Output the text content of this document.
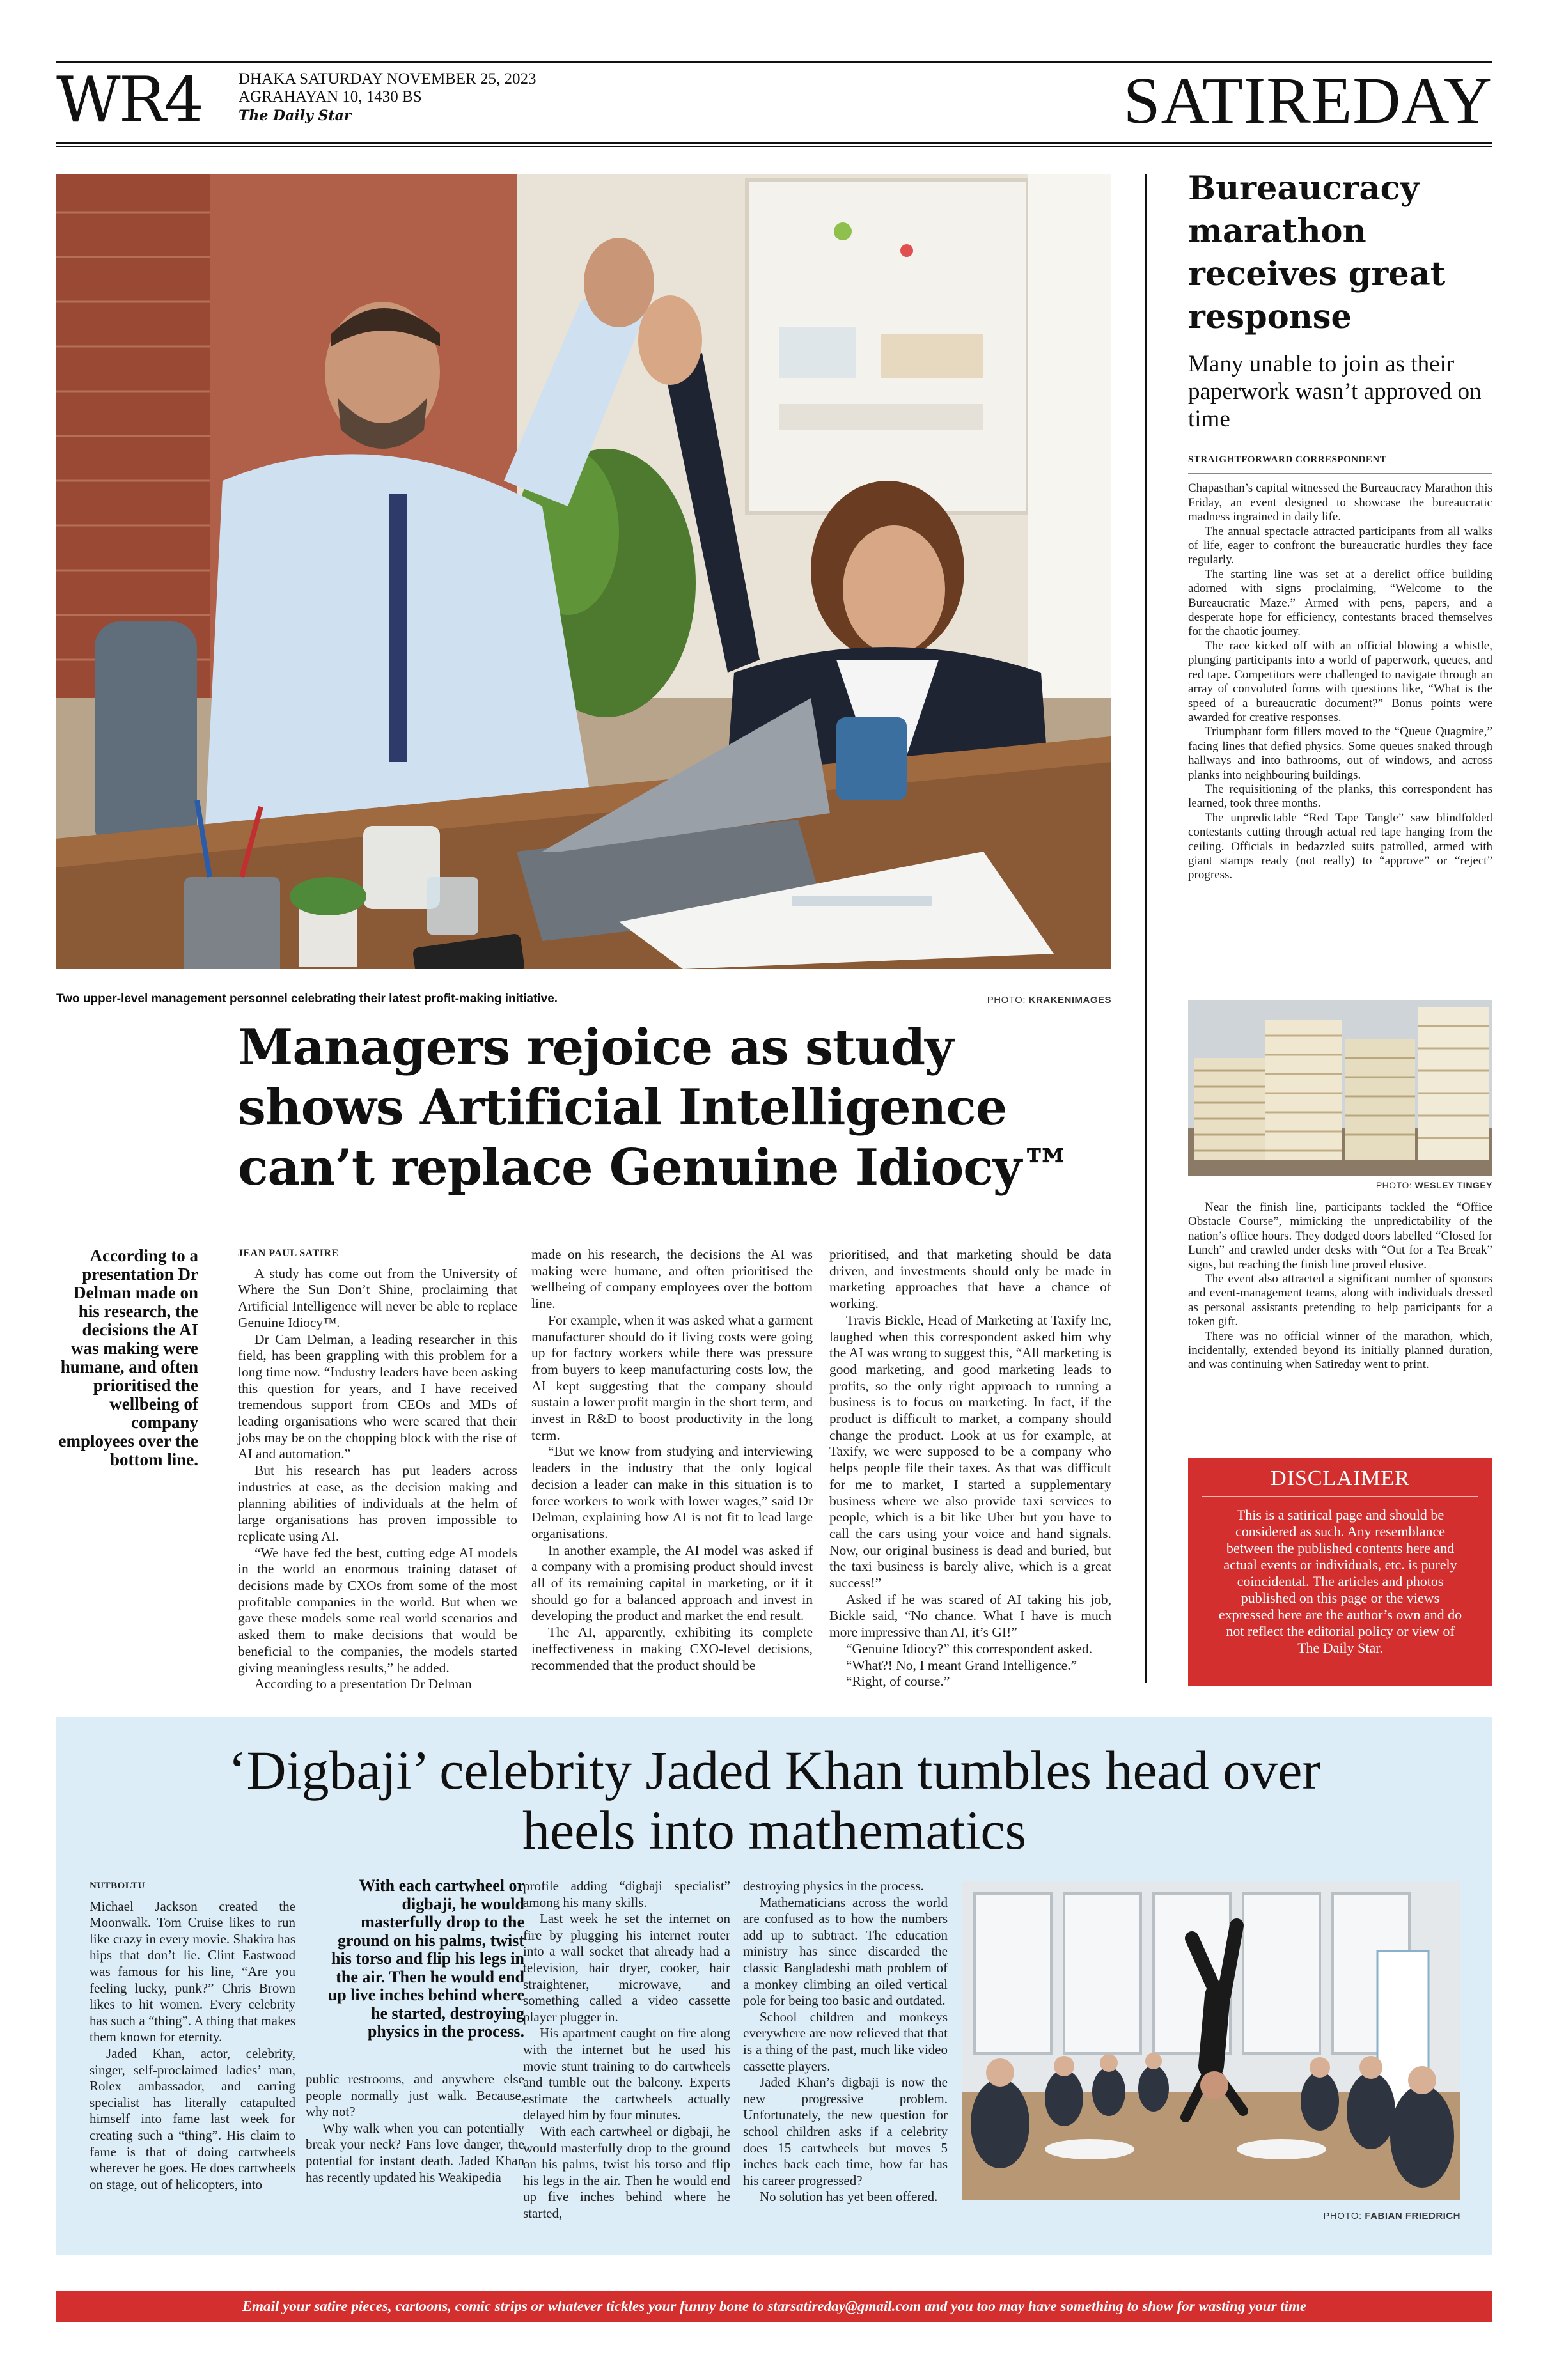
WR4 DHAKA SATURDAY NOVEMBER 25, 2023
AGRAHAYAN 10, 1430 BS
The Daily Star	SATIREDAY
Two upper-level management personnel celebrating their latest profit-making initiative.	PHOTO: KRAKENIMAGES
Managers rejoice as study
shows Artificial Intelligence
can’t replace Genuine Idiocy™
According to a presentation Dr Delman made on his research, the decisions the AI was making were humane, and often prioritised the wellbeing of company employees over the bottom line.
JEAN PAUL SATIRE

A study has come out from the University of Where the Sun Don’t Shine, proclaiming that Artificial Intelligence will never be able to replace Genuine Idiocy™.

Dr Cam Delman, a leading researcher in this field, has been grappling with this problem for a long time now. “Industry leaders have been asking this question for years, and I have received tremendous support from CEOs and MDs of leading organisations who were scared that their jobs may be on the chopping block with the rise of AI and automation.”

But his research has put leaders across industries at ease, as the decision making and planning abilities of individuals at the helm of large organisations has proven impossible to replicate using AI.

“We have fed the best, cutting edge AI models in the world an enormous training dataset of decisions made by CXOs from some of the most profitable companies in the world. But when we gave these models some real world scenarios and asked them to make decisions that would be beneficial to the companies, the models started giving meaningless results,” he added.

According to a presentation Dr Delman

made on his research, the decisions the AI was making were humane, and often prioritised the wellbeing of company employees over the bottom line.

For example, when it was asked what a garment manufacturer should do if living costs were going up for factory workers while there was pressure from buyers to keep manufacturing costs low, the AI kept suggesting that the company should sustain a lower profit margin in the short term, and invest in R&D to boost productivity in the long term.

“But we know from studying and interviewing leaders in the industry that the only logical decision a leader can make in this situation is to force workers to work with lower wages,” said Dr Delman, explaining how AI is not fit to lead large organisations.

In another example, the AI model was asked if a company with a promising product should invest all of its remaining capital in marketing, or if it should go for a balanced approach and invest in developing the product and market the end result.

The AI, apparently, exhibiting its complete ineffectiveness in making CXO-level decisions, recommended that the product should be

prioritised, and that marketing should be data driven, and investments should only be made in marketing approaches that have a chance of working.

Travis Bickle, Head of Marketing at Taxify Inc, laughed when this correspondent asked him why the AI was wrong to suggest this, “All marketing is good marketing, and good marketing leads to profits, so the only right approach to running a business is to focus on marketing. In fact, if the product is difficult to market, a company should change the product. Look at us for example, at Taxify, we were supposed to be a company who helps people file their taxes. As that was difficult for me to market, I started a supplementary business where we also provide taxi services to people, which is a bit like Uber but you have to call the cars using your voice and hand signals. Now, our original business is dead and buried, but the taxi business is barely alive, which is a great success!”

Asked if he was scared of AI taking his job, Bickle said, “No chance. What I have is much more impressive than AI, it’s GI!”

“Genuine Idiocy?” this correspondent asked.

“What?! No, I meant Grand Intelligence.”

“Right, of course.”

Bureaucracy marathon receives great response
Many unable to join as their paperwork wasn’t approved on time
STRAIGHTFORWARD CORRESPONDENT

Chapasthan’s capital witnessed the Bureaucracy Marathon this Friday, an event designed to showcase the bureaucratic madness ingrained in daily life.

The annual spectacle attracted participants from all walks of life, eager to confront the bureaucratic hurdles they face regularly.

The starting line was set at a derelict office building adorned with signs proclaiming, “Welcome to the Bureaucratic Maze.” Armed with pens, papers, and a desperate hope for efficiency, contestants braced themselves for the chaotic journey.

The race kicked off with an official blowing a whistle, plunging participants into a world of paperwork, queues, and red tape. Competitors were challenged to navigate through an array of convoluted forms with questions like, “What is the speed of a bureaucratic document?” Bonus points were awarded for creative responses.

Triumphant form fillers moved to the “Queue Quagmire,” facing lines that defied physics. Some queues snaked through hallways and into bathrooms, out of windows, and across planks into neighbouring buildings.

The requisitioning of the planks, this correspondent has learned, took three months.

The unpredictable “Red Tape Tangle” saw blindfolded contestants cutting through actual red tape hanging from the ceiling. Officials in bedazzled suits patrolled, armed with giant stamps ready (not really) to “approve” or “reject” progress.

PHOTO: WESLEY TINGEY

Near the finish line, participants tackled the “Office Obstacle Course”, mimicking the unpredictability of the nation’s office hours. They dodged doors labelled “Closed for Lunch” and crawled under desks with “Out for a Tea Break” signs, but reaching the finish line proved elusive.

The event also attracted a significant number of sponsors and event-management teams, along with individuals dressed as personal assistants pretending to help participants for a token gift.

There was no official winner of the marathon, which, incidentally, extended beyond its initially planned duration, and was continuing when Satireday went to print.

DISCLAIMER
This is a satirical page and should be considered as such. Any resemblance between the published contents here and actual events or individuals, etc. is purely coincidental. The articles and photos published on this page or the views expressed here are the author’s own and do not reflect the editorial policy or view of The Daily Star.
‘Digbaji’ celebrity Jaded Khan tumbles head over
heels into mathematics
NUTBOLTU

Michael Jackson created the Moonwalk. Tom Cruise likes to run like crazy in every movie. Shakira has hips that don’t lie. Clint Eastwood was famous for his line, “Are you feeling lucky, punk?” Chris Brown likes to hit women. Every celebrity has such a “thing”. A thing that makes them known for eternity.

Jaded Khan, actor, celebrity, singer, self-proclaimed ladies’ man, Rolex ambassador, and earring specialist has literally catapulted himself into fame last week for creating such a “thing”. His claim to fame is that of doing cartwheels wherever he goes. He does cartwheels on stage, out of helicopters, into

With each cartwheel or digbaji, he would masterfully drop to the ground on his palms, twist his torso and flip his legs in the air. Then he would end up live inches behind where he started, destroying physics in the process.

public restrooms, and anywhere else people normally just walk. Because, why not?

Why walk when you can potentially break your neck? Fans love danger, the potential for instant death. Jaded Khan has recently updated his Weakipedia

profile adding “digbaji specialist” among his many skills.

Last week he set the internet on fire by plugging his internet router into a wall socket that already had a television, hair dryer, cooker, hair straightener, microwave, and something called a video cassette player plugger in.

His apartment caught on fire along with the internet but he used his movie stunt training to do cartwheels and tumble out the balcony. Experts estimate the cartwheels actually delayed him by four minutes.

With each cartwheel or digbaji, he would masterfully drop to the ground on his palms, twist his torso and flip his legs in the air. Then he would end up five inches behind where he started,

destroying physics in the process.

Mathematicians across the world are confused as to how the numbers add up to subtract. The education ministry has since discarded the classic Bangladeshi math problem of a monkey climbing an oiled vertical pole for being too basic and outdated.

School children and monkeys everywhere are now relieved that that is a thing of the past, much like video cassette players.

Jaded Khan’s digbaji is now the new progressive problem. Unfortunately, the new question for school children asks if a celebrity does 15 cartwheels but moves 5 inches back each time, how far has his career progressed?

No solution has yet been offered.

PHOTO: FABIAN FRIEDRICH
Email your satire pieces, cartoons, comic strips or whatever tickles your funny bone to starsatireday@gmail.com and you too may have something to show for wasting your time
